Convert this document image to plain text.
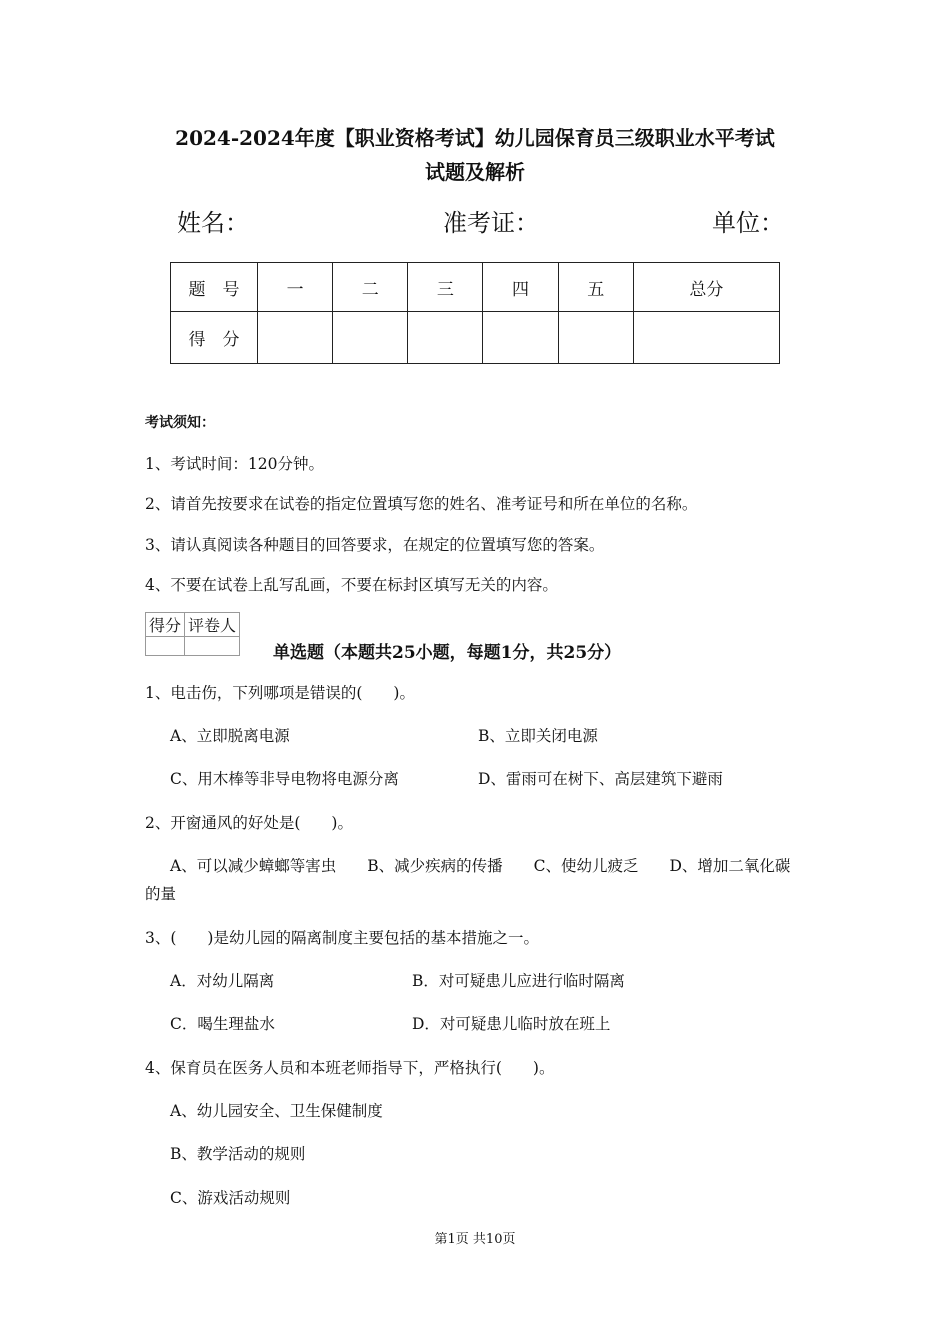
2024-2024年度【职业资格考试】幼儿园保育员三级职业水平考试
试题及解析
姓名：	准考证：	单位：
题　号	一	二	三	四	五	总分
得　分						
考试须知：
1、考试时间：120分钟。
2、请首先按要求在试卷的指定位置填写您的姓名、准考证号和所在单位的名称。
3、请认真阅读各种题目的回答要求，在规定的位置填写您的答案。
4、不要在试卷上乱写乱画，不要在标封区填写无关的内容。
得分	评卷人

单选题（本题共25小题，每题1分，共25分）
1、电击伤，下列哪项是错误的(　　)。
A、立即脱离电源	B、立即关闭电源
C、用木棒等非导电物将电源分离	D、雷雨可在树下、高层建筑下避雨
2、开窗通风的好处是(　　)。
A、可以减少蟑螂等害虫　　B、减少疾病的传播　　C、使幼儿疲乏　　D、增加二氧化碳
的量
3、(　　)是幼儿园的隔离制度主要包括的基本措施之一。
A．对幼儿隔离	B．对可疑患儿应进行临时隔离
C．喝生理盐水	D．对可疑患儿临时放在班上
4、保育员在医务人员和本班老师指导下，严格执行(　　)。
A、幼儿园安全、卫生保健制度
B、教学活动的规则
C、游戏活动规则
第1页 共10页
